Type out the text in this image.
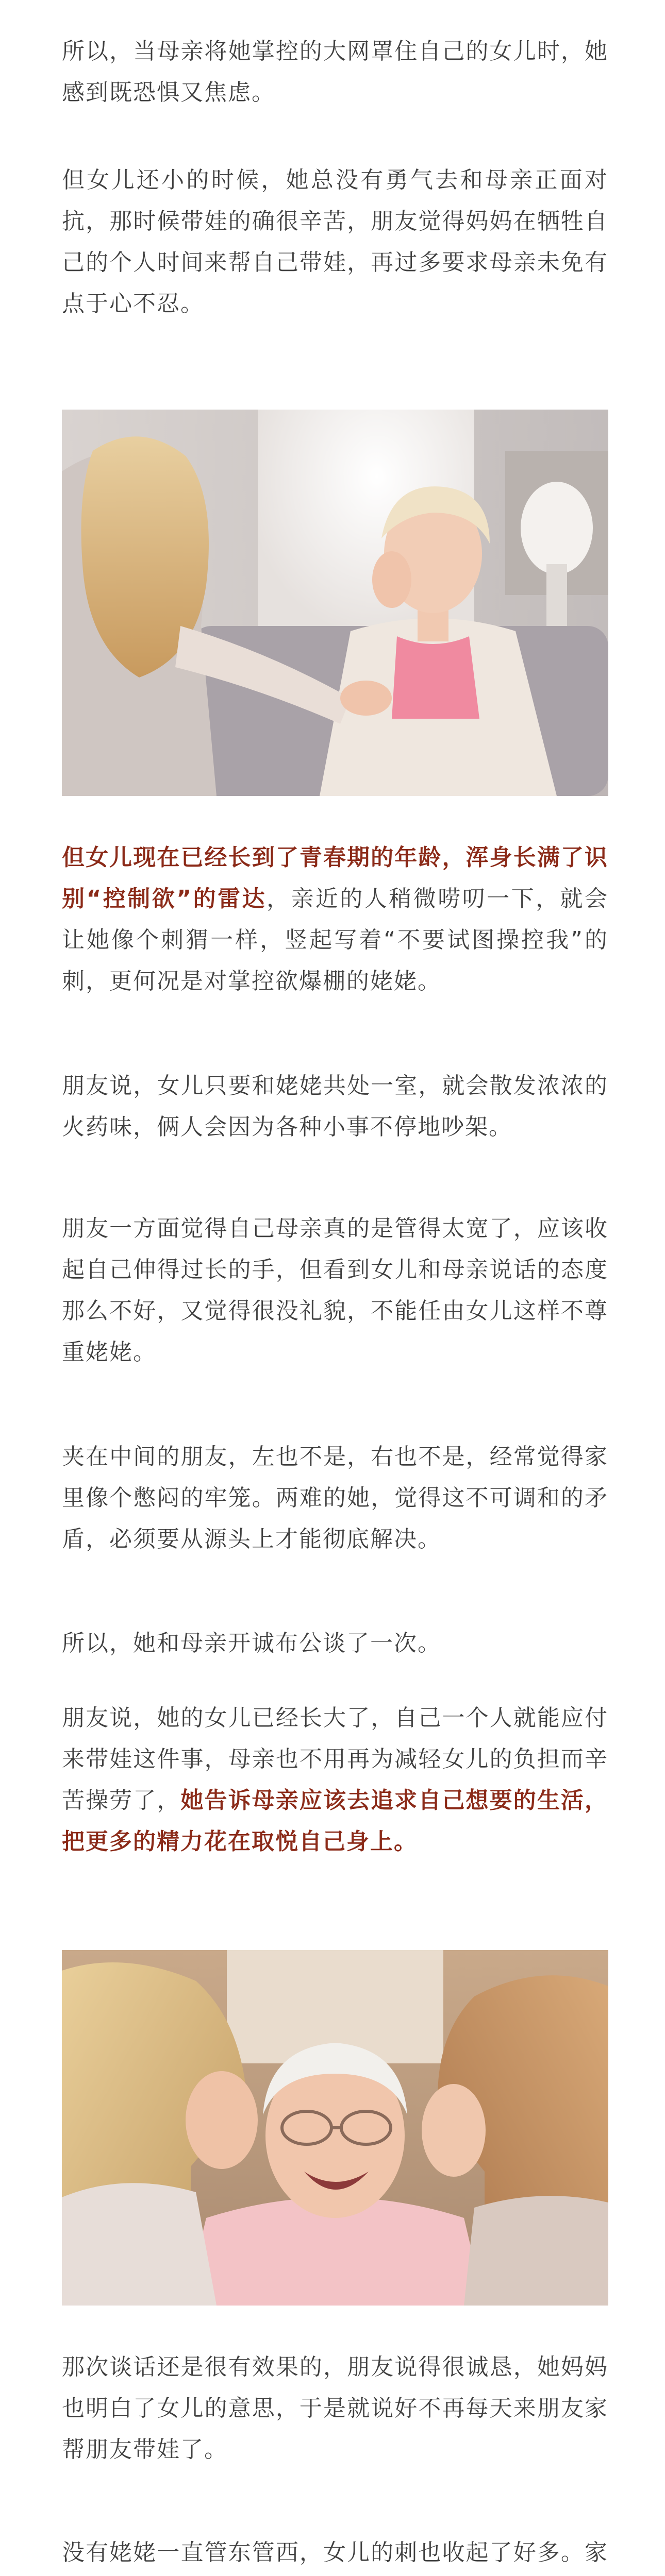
所以，当母亲将她掌控的大网罩住自己的女儿时，她感到既恐惧又焦虑。

但女儿还小的时候，她总没有勇气去和母亲正面对抗，那时候带娃的确很辛苦，朋友觉得妈妈在牺牲自己的个人时间来帮自己带娃，再过多要求母亲未免有点于心不忍。

但女儿现在已经长到了青春期的年龄，浑身长满了识别“控制欲”的雷达，亲近的人稍微唠叨一下，就会让她像个刺猬一样，竖起写着“不要试图操控我”的刺，更何况是对掌控欲爆棚的姥姥。

朋友说，女儿只要和姥姥共处一室，就会散发浓浓的火药味，俩人会因为各种小事不停地吵架。

朋友一方面觉得自己母亲真的是管得太宽了，应该收起自己伸得过长的手，但看到女儿和母亲说话的态度那么不好，又觉得很没礼貌，不能任由女儿这样不尊重姥姥。

夹在中间的朋友，左也不是，右也不是，经常觉得家里像个憋闷的牢笼。两难的她，觉得这不可调和的矛盾，必须要从源头上才能彻底解决。

所以，她和母亲开诚布公谈了一次。

朋友说，她的女儿已经长大了，自己一个人就能应付来带娃这件事，母亲也不用再为减轻女儿的负担而辛苦操劳了，她告诉母亲应该去追求自己想要的生活，把更多的精力花在取悦自己身上。

那次谈话还是很有效果的，朋友说得很诚恳，她妈妈也明白了女儿的意思，于是就说好不再每天来朋友家帮朋友带娃了。

没有姥姥一直管东管西，女儿的刺也收起了好多。家
